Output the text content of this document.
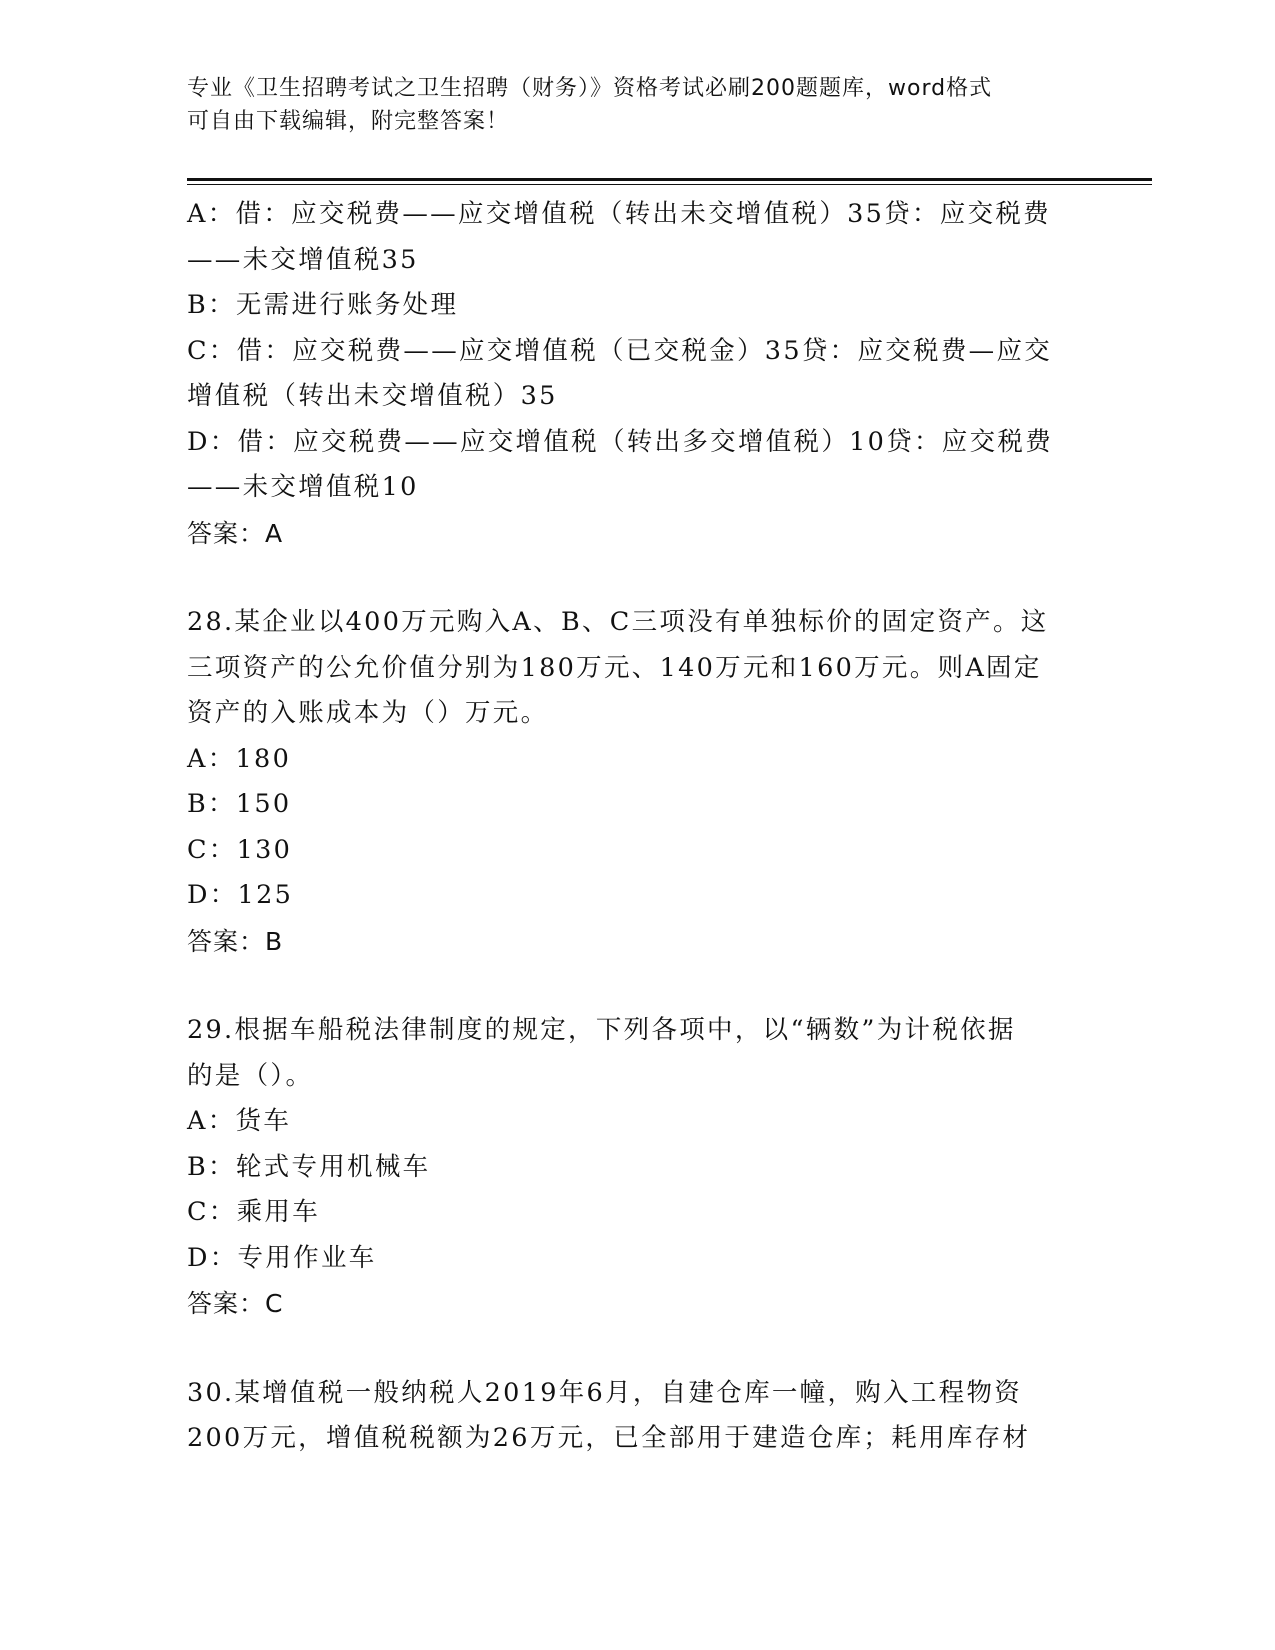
专业《卫生招聘考试之卫生招聘（财务）》资格考试必刷200题题库，word格式
可自由下载编辑，附完整答案！
A：借：应交税费——应交增值税（转出未交增值税）35贷：应交税费
——未交增值税35
B：无需进行账务处理
C：借：应交税费——应交增值税（已交税金）35贷：应交税费—应交
增值税（转出未交增值税）35
D：借：应交税费——应交增值税（转出多交增值税）10贷：应交税费
——未交增值税10
答案：A
28.某企业以400万元购入A、B、C三项没有单独标价的固定资产。这
三项资产的公允价值分别为180万元、140万元和160万元。则A固定
资产的入账成本为（）万元。
A：180
B：150
C：130
D：125
答案：B
29.根据车船税法律制度的规定，下列各项中，以“辆数”为计税依据
的是（）。
A：货车
B：轮式专用机械车
C：乘用车
D：专用作业车
答案：C
30.某增值税一般纳税人2019年6月，自建仓库一幢，购入工程物资
200万元，增值税税额为26万元，已全部用于建造仓库；耗用库存材
